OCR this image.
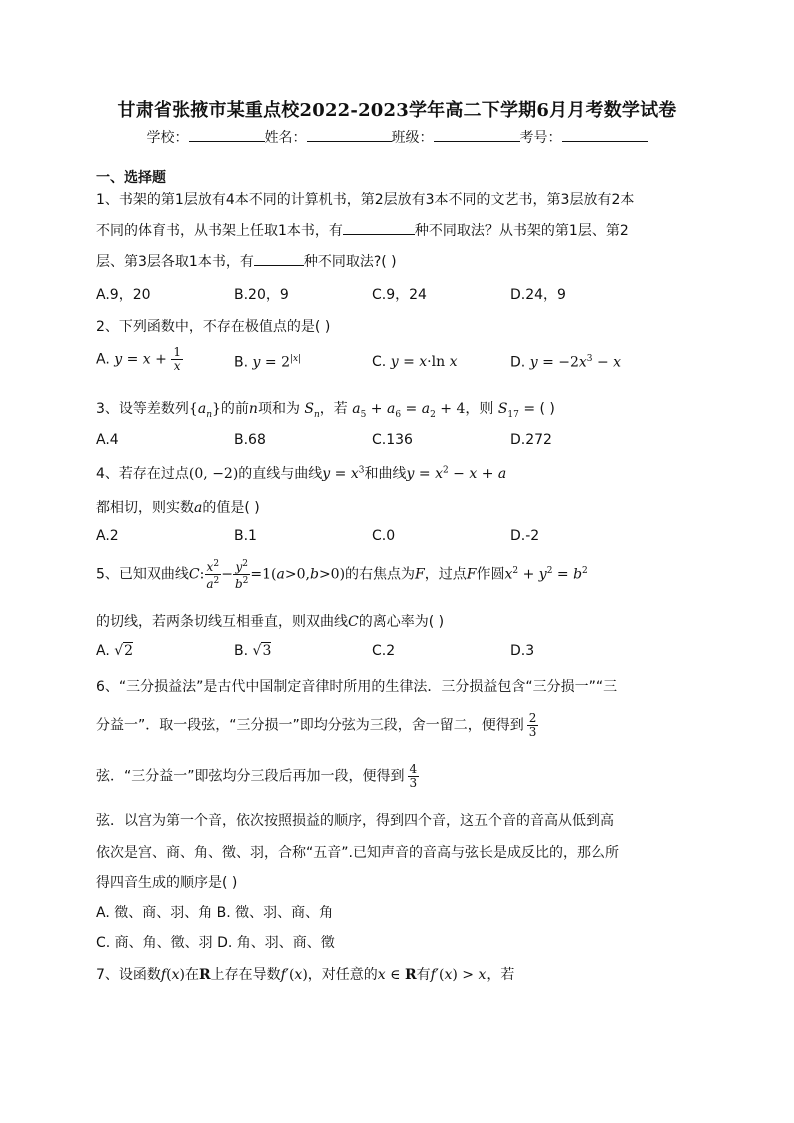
甘肃省张掖市某重点校2022-2023学年高二下学期6月月考数学试卷
学校：	姓名：	班级：	考号：
一、选择题
1、书架的第1层放有4本不同的计算机书，第2层放有3本不同的文艺书，第3层放有2本
不同的体育书，从书架上任取1本书，有	种不同取法？从书架的第1层、第2
层、第3层各取1本书，有	种不同取法?( )
A.9，20	B.20，9	C.9，24	D.24，9
2、下列函数中，不存在极值点的是( )
A. $y = x + \frac{1}{x}$	B. $y = 2^{|x|}$	C. y = x·ln x	D. $y = -2x^3 - x$
3、设等差数列$\{a_n\}$的前n项和为 $S_n$，若 $a_5 + a_6 = a_2 + 4$，则 $S_{17}$ = ( )
A.4	B.68	C.136	D.272
4、若存在过点(0, −2)的直线与曲线$y = x^3$和曲线$y = x^2 - x + a$
都相切，则实数a的值是( )
A.2	B.1	C.0	D.-2
5、已知双曲线C: $\frac{x^2}{a^2} - \frac{y^2}{b^2} =1(a>0,b>0)$的右焦点为F，过点F作圆$x^2 + y^2 = b^2$
的切线，若两条切线互相垂直，则双曲线C的离心率为( )
A. √2	B. √3	C.2	D.3
6、“三分损益法”是古代中国制定音律时所用的生律法．三分损益包含“三分损一”“三
分益一”．取一段弦，“三分损一”即均分弦为三段，舍一留二，便得到 $\frac{2}{3}$
弦．“三分益一”即弦均分三段后再加一段，便得到 $\frac{4}{3}$
弦．以宫为第一个音，依次按照损益的顺序，得到四个音，这五个音的音高从低到高
依次是宫、商、角、徵、羽，合称“五音”.已知声音的音高与弦长是成反比的，那么所
得四音生成的顺序是( )
A. 徵、商、羽、角 B. 徵、羽、商、角
C. 商、角、徵、羽 D. 角、羽、商、徵
7、设函数f(x)在R上存在导数f′(x)，对任意的x ∈ R有f′(x) > x，若
